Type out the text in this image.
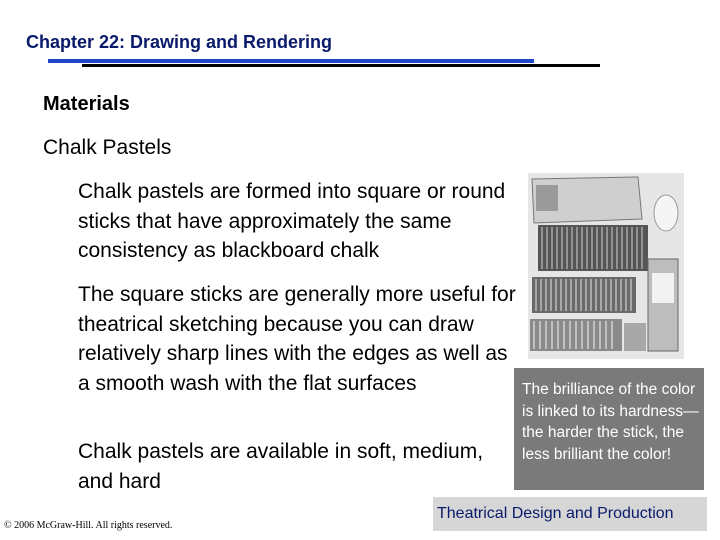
Chapter 22: Drawing and Rendering
Materials
Chalk Pastels
Chalk pastels are formed into square or round sticks that have approximately the same consistency as blackboard chalk
The square sticks are generally more useful for theatrical sketching because you can draw relatively sharp lines with the edges as well as a smooth wash with the flat surfaces
Chalk pastels are available in soft, medium, and hard
The brilliance of the color is linked to its hardness—the harder the stick, the less brilliant the color!
Theatrical Design and Production
© 2006 McGraw-Hill. All rights reserved.
